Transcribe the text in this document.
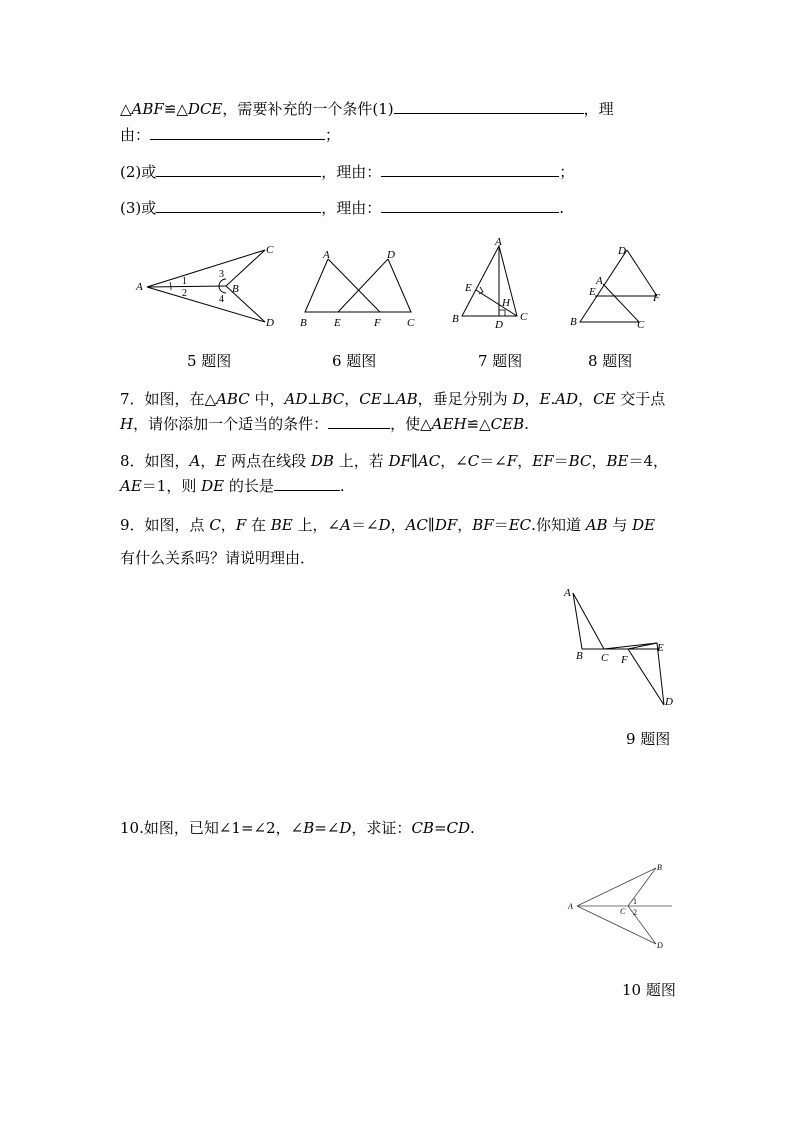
△ABF≌△DCE，需要补充的一个条件(1)	，理
由：	；
(2)或	，理由：	；
(3)或	，理由：	.
A	B
C
D
1
2
3
4
A	D
B E	F C
A
E
H
B	D
C
D
A
E	F
B	C
5 题图	6 题图	7 题图	8 题图
7．如图，在△ABC 中，AD⊥BC，CE⊥AB，垂足分别为 D，E.AD，CE 交于点
H，请你添加一个适当的条件：	，使△AEH≌△CEB.
8．如图，A，E 两点在线段 DB 上，若 DF∥AC，∠C＝∠F，EF＝BC，BE＝4，
AE＝1，则 DE 的长是	.
9．如图，点 C，F 在 BE 上，∠A＝∠D，AC∥DF，BF＝EC.你知道 AB 与 DE
有什么关系吗？请说明理由．
A
B C F
E
D
9 题图
10.如图，已知∠1=∠2，∠B=∠D，求证：CB=CD.
A
B
C
D
1
2
10 题图
